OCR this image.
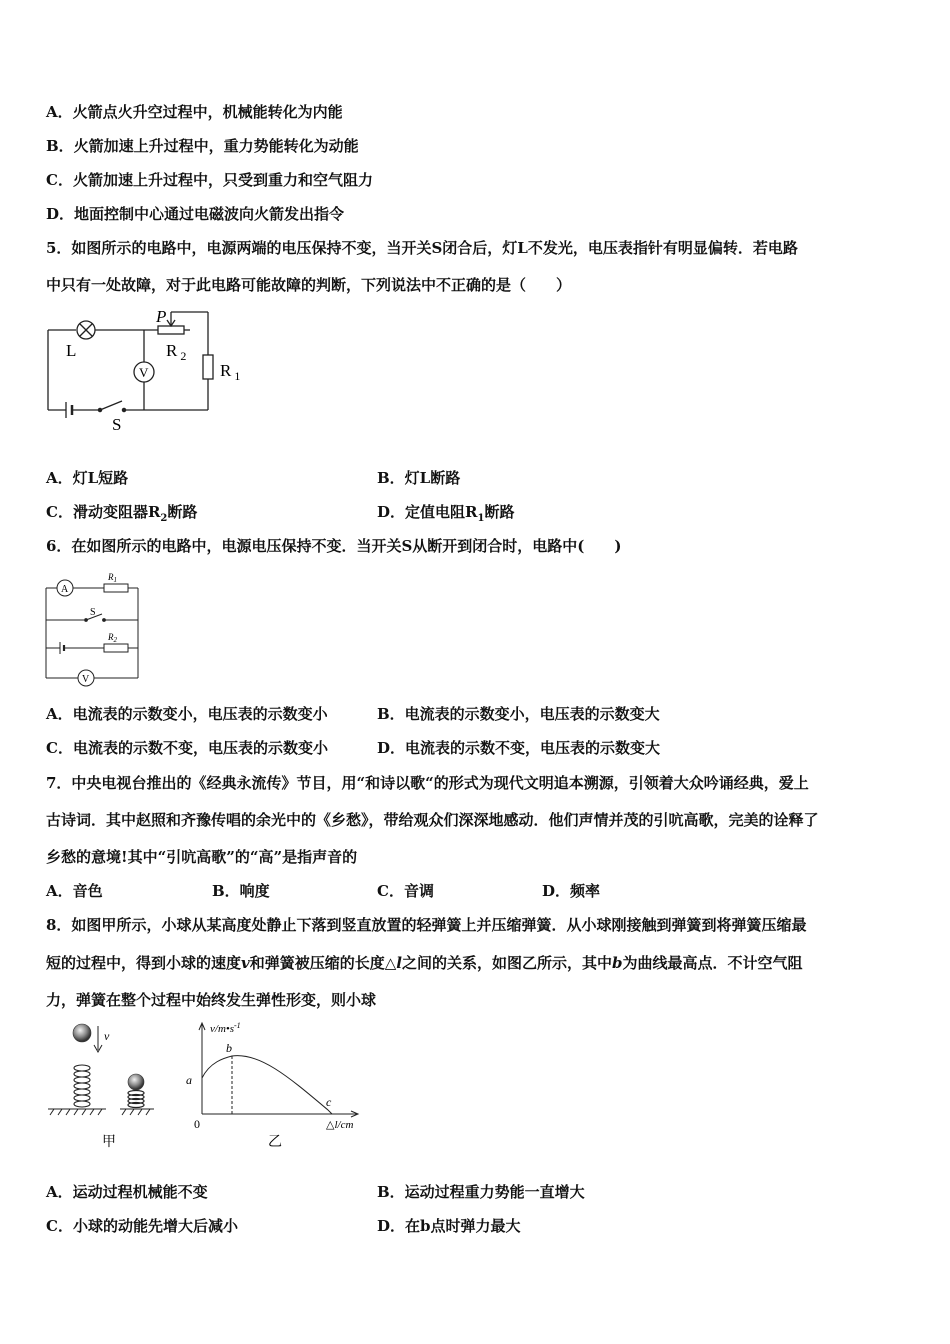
A．火箭点火升空过程中，机械能转化为内能
B．火箭加速上升过程中，重力势能转化为动能
C．火箭加速上升过程中，只受到重力和空气阻力
D．地面控制中心通过电磁波向火箭发出指令
5．如图所示的电路中，电源两端的电压保持不变，当开关S闭合后，灯L不发光，电压表指针有明显偏转．若电路
中只有一处故障，对于此电路可能故障的判断，下列说法中不正确的是（　　）
L
V
P
R $_2$
R $_1$
S
A．灯L短路	B．灯L断路
C．滑动变阻器$R_2$断路	D．定值电阻$R_1$断路
6．在如图所示的电路中，电源电压保持不变．当开关S从断开到闭合时，电路中(　　)
A
V
$R_1$
$R_2$
S
A．电流表的示数变小，电压表的示数变小	B．电流表的示数变小，电压表的示数变大
C．电流表的示数不变，电压表的示数变小	D．电流表的示数不变，电压表的示数变大
7．中央电视台推出的《经典永流传》节目，用“和诗以歌“的形式为现代文明追本溯源，引领着大众吟诵经典，爱上
古诗词．其中赵照和齐豫传唱的余光中的《乡愁》，带给观众们深深地感动．他们声情并茂的引吭高歌，完美的诠释了
乡愁的意境!其中“引吭高歌”的“高”是指声音的
A．音色	B．响度	C．音调	D．频率
8．如图甲所示，小球从某高度处静止下落到竖直放置的轻弹簧上并压缩弹簧．从小球刚接触到弹簧到将弹簧压缩最
短的过程中，得到小球的速度v和弹簧被压缩的长度△l之间的关系，如图乙所示，其中b为曲线最高点．不计空气阻
力，弹簧在整个过程中始终发生弹性形变，则小球
v
甲
$v/m•s^{-1}$
b
a
c
0	△l/cm
乙
A．运动过程机械能不变	B．运动过程重力势能一直增大
C．小球的动能先增大后减小	D．在b点时弹力最大
